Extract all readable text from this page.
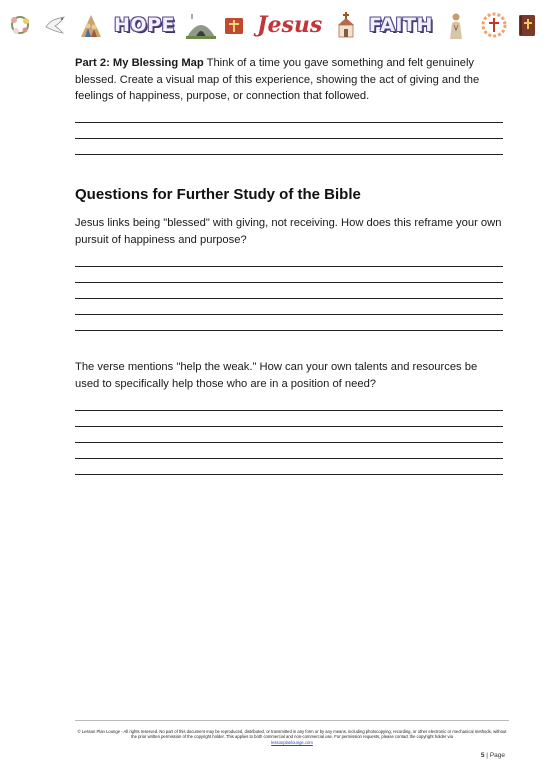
HOPE	Jesus FAITH

Part 2: My Blessing Map Think of a time you gave something and felt genuinely blessed. Create a visual map of this experience, showing the act of giving and the feelings of happiness, purpose, or connection that followed.

Questions for Further Study of the Bible

Jesus links being "blessed" with giving, not receiving. How does this reframe your own pursuit of happiness and purpose?

The verse mentions "help the weak." How can your own talents and resources be used to specifically help those who are in a position of need?

© Lesson Plan Lounge - All rights reserved. No part of this document may be reproduced, distributed, or transmitted in any form or by any means, including photocopying, recording, or other electronic or mechanical methods, without the prior written permission of the copyright holder. This applies to both commercial and non-commercial use. For permission requests, please contact the copyright holder via
lessonplanlounge.com
5 | Page
